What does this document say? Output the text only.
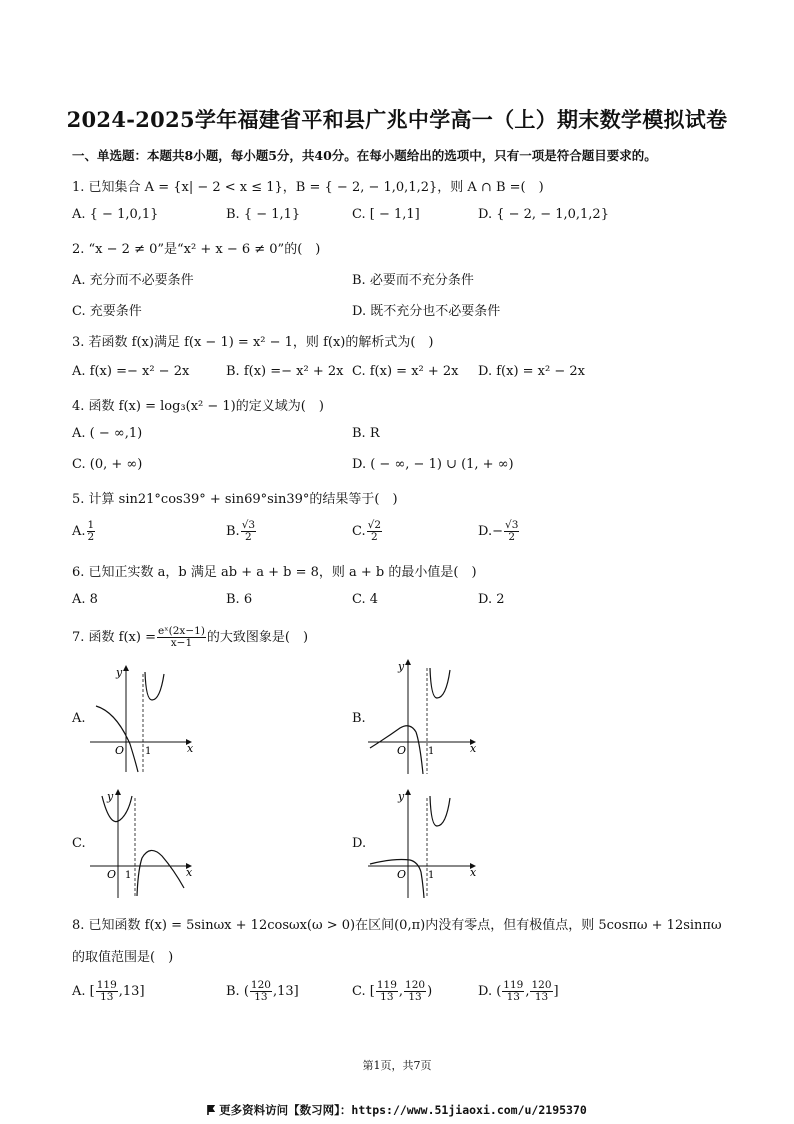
2024-2025学年福建省平和县广兆中学高一（上）期末数学模拟试卷
一、单选题：本题共8小题，每小题5分，共40分。在每小题给出的选项中，只有一项是符合题目要求的。
1. 已知集合 A = {x| − 2 < x ≤ 1}，B = { − 2, − 1,0,1,2}，则 A ∩ B =(　)
A. { − 1,0,1}	B. { − 1,1}	C. [ − 1,1]	D. { − 2, − 1,0,1,2}
2. “x − 2 ≠ 0”是“x² + x − 6 ≠ 0”的(　)
A. 充分而不必要条件	B. 必要而不充分条件
C. 充要条件	D. 既不充分也不必要条件
3. 若函数 f(x)满足 f(x − 1) = x² − 1，则 f(x)的解析式为(　)
A. f(x) =− x² − 2x	B. f(x) =− x² + 2x C. f(x) = x² + 2x D. f(x) = x² − 2x
4. 函数 f(x) = log₃(x² − 1)的定义域为(　)
A. ( − ∞,1)	B. R
C. (0, + ∞)	D. ( − ∞, − 1) ∪ (1, + ∞)
5. 计算 sin21°cos39° + sin69°sin39°的结果等于(　)
A. $\frac{1}{2}$	B. $\frac{√3}{2}$	C. $\frac{√2}{2}$	$D.- \frac{√3}{2}$
6. 已知正实数 a，b 满足 ab + a + b = 8，则 a + b 的最小值是(　)
A. 8	B. 6	C. 4	D. 2
7. 函数 $f(x) = \frac{\text{eˣ(2x−1)}}{x-1}$ 的大致图象是(　)
A.	B.
C.	D.
y
x
O 1
y
x
O 1
y
x
O 1
y
x
O 1
8. 已知函数 f(x) = 5sinωx + 12cosωx(ω > 0)在区间(0,π)内没有零点，但有极值点，则 5cosπω + 12sinπω
的取值范围是(　)
A. [ $\frac{119}{13} ,13$]	B. ( $\frac{120}{13} ,13$]	C. [ $\frac{119}{13}$ , $\frac{120}{13}$ )	D. ( $\frac{119}{13}$ , $\frac{120}{13}$ ]
第1页，共7页
更多资料访问【数习网】：https://www.51jiaoxi.com/u/2195370
